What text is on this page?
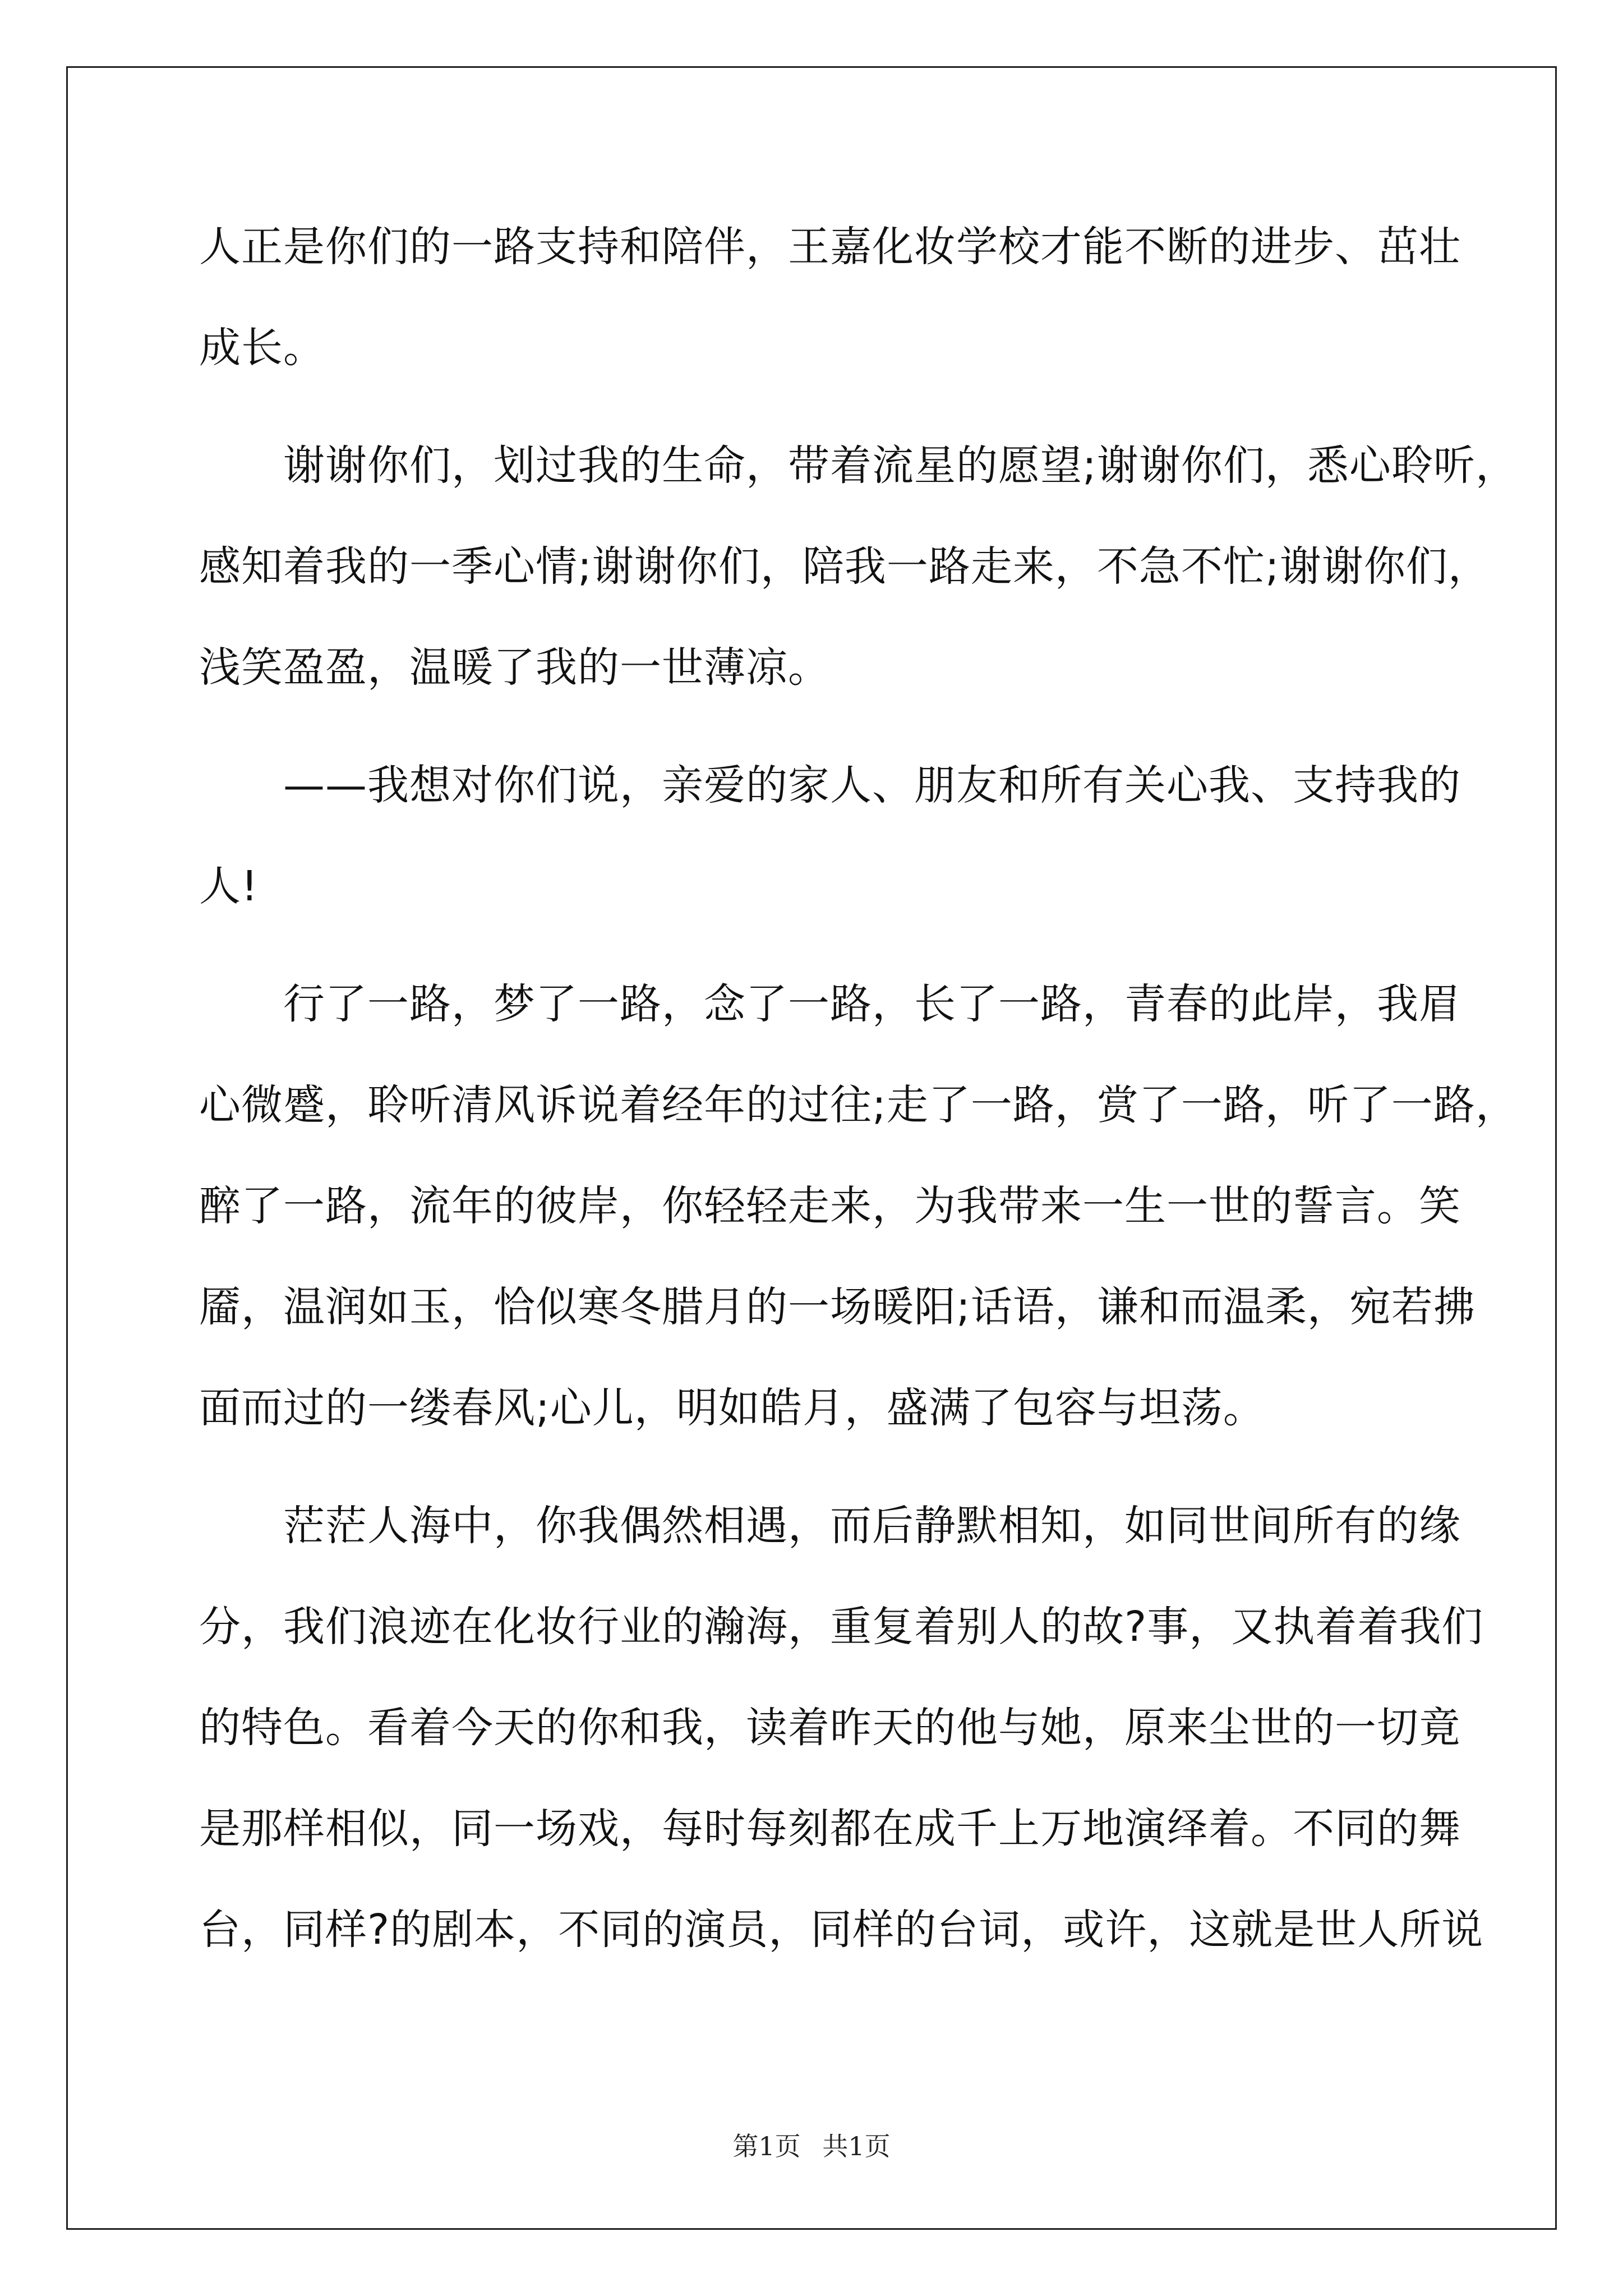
人正是你们的一路支持和陪伴，王嘉化妆学校才能不断的进步、茁壮
成长。
谢谢你们，划过我的生命，带着流星的愿望;谢谢你们，悉心聆听，
感知着我的一季心情;谢谢你们，陪我一路走来，不急不忙;谢谢你们，
浅笑盈盈，温暖了我的一世薄凉。
——我想对你们说，亲爱的家人、朋友和所有关心我、支持我的
人!
行了一路，梦了一路，念了一路，长了一路，青春的此岸，我眉
心微蹙，聆听清风诉说着经年的过往;走了一路，赏了一路，听了一路，
醉了一路，流年的彼岸，你轻轻走来，为我带来一生一世的誓言。笑
靥，温润如玉，恰似寒冬腊月的一场暖阳;话语，谦和而温柔，宛若拂
面而过的一缕春风;心儿，明如皓月，盛满了包容与坦荡。
茫茫人海中，你我偶然相遇，而后静默相知，如同世间所有的缘
分，我们浪迹在化妆行业的瀚海，重复着别人的故?事，又执着着我们
的特色。看着今天的你和我，读着昨天的他与她，原来尘世的一切竟
是那样相似，同一场戏，每时每刻都在成千上万地演绎着。不同的舞
台，同样?的剧本，不同的演员，同样的台词，或许，这就是世人所说
第1页 共1页
